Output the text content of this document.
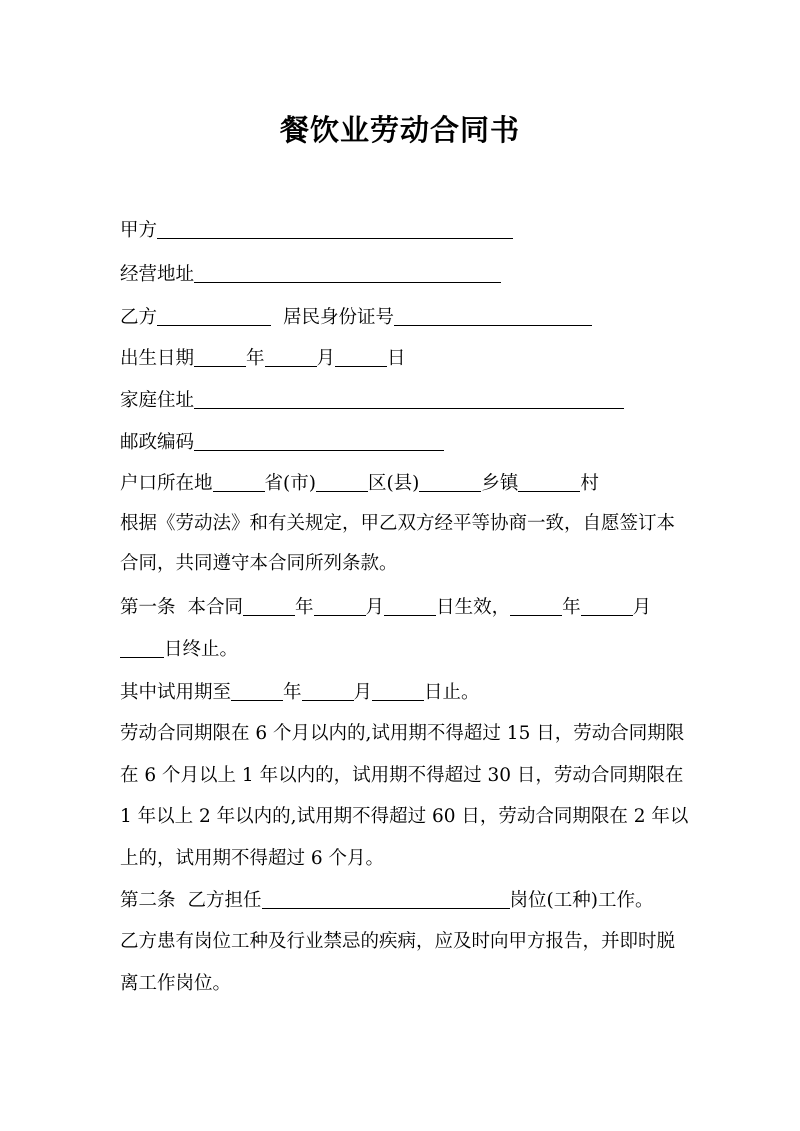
餐饮业劳动合同书
甲方
经营地址
乙方	居民身份证号
出生日期	年	月	日
家庭住址
邮政编码
户口所在地	省(市)	区(县)	乡镇	村
根据《劳动法》和有关规定，甲乙双方经平等协商一致，自愿签订本
合同，共同遵守本合同所列条款。
第一条 本合同	年	月	日生效，	年	月
日终止。
其中试用期至	年	月	日止。
劳动合同期限在 6 个月以内的,试用期不得超过 15 日，劳动合同期限
在 6 个月以上 1 年以内的，试用期不得超过 30 日，劳动合同期限在
1 年以上 2 年以内的,试用期不得超过 60 日，劳动合同期限在 2 年以
上的，试用期不得超过 6 个月。
第二条 乙方担任	岗位(工种)工作。
乙方患有岗位工种及行业禁忌的疾病，应及时向甲方报告，并即时脱
离工作岗位。
